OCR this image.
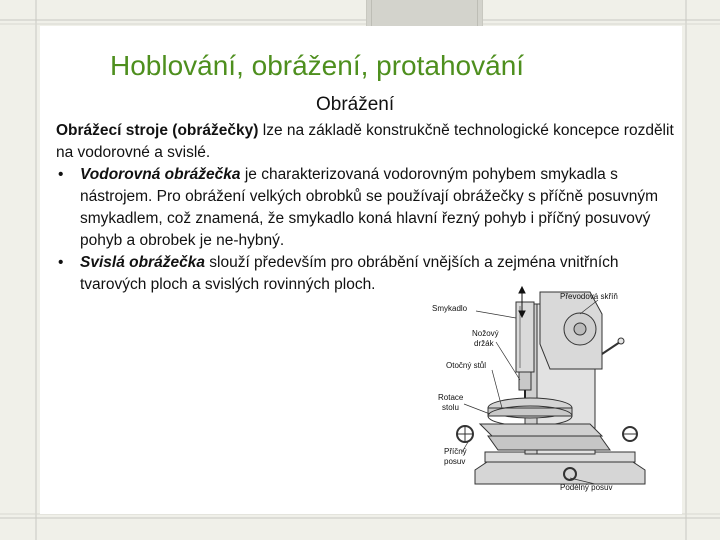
Hoblování, obrážení, protahování
Obrážení

Obrážecí stroje (obrážečky) lze na základě konstrukčně technologické koncepce rozdělit na vodorovné a svislé.

• Vodorovná obrážečka je charakterizovaná vodorovným pohybem smykadla s nástrojem. Pro obrážení velkých obrobků se používají obrážečky s příčně posuvným smykadlem, což znamená, že smykadlo koná hlavní řezný pohyb i příčný posuvový pohyb a obrobek je ne-hybný.
• Svislá obrážečka slouží především pro obrábění vnějších a zejména vnitřních tvarových ploch a svislých rovinných ploch.
Převodová skříň
Smykadlo
Nožový
držák
Otočný stůl
Rotace
stolu
Příčný
posuv
Podélný posuv
